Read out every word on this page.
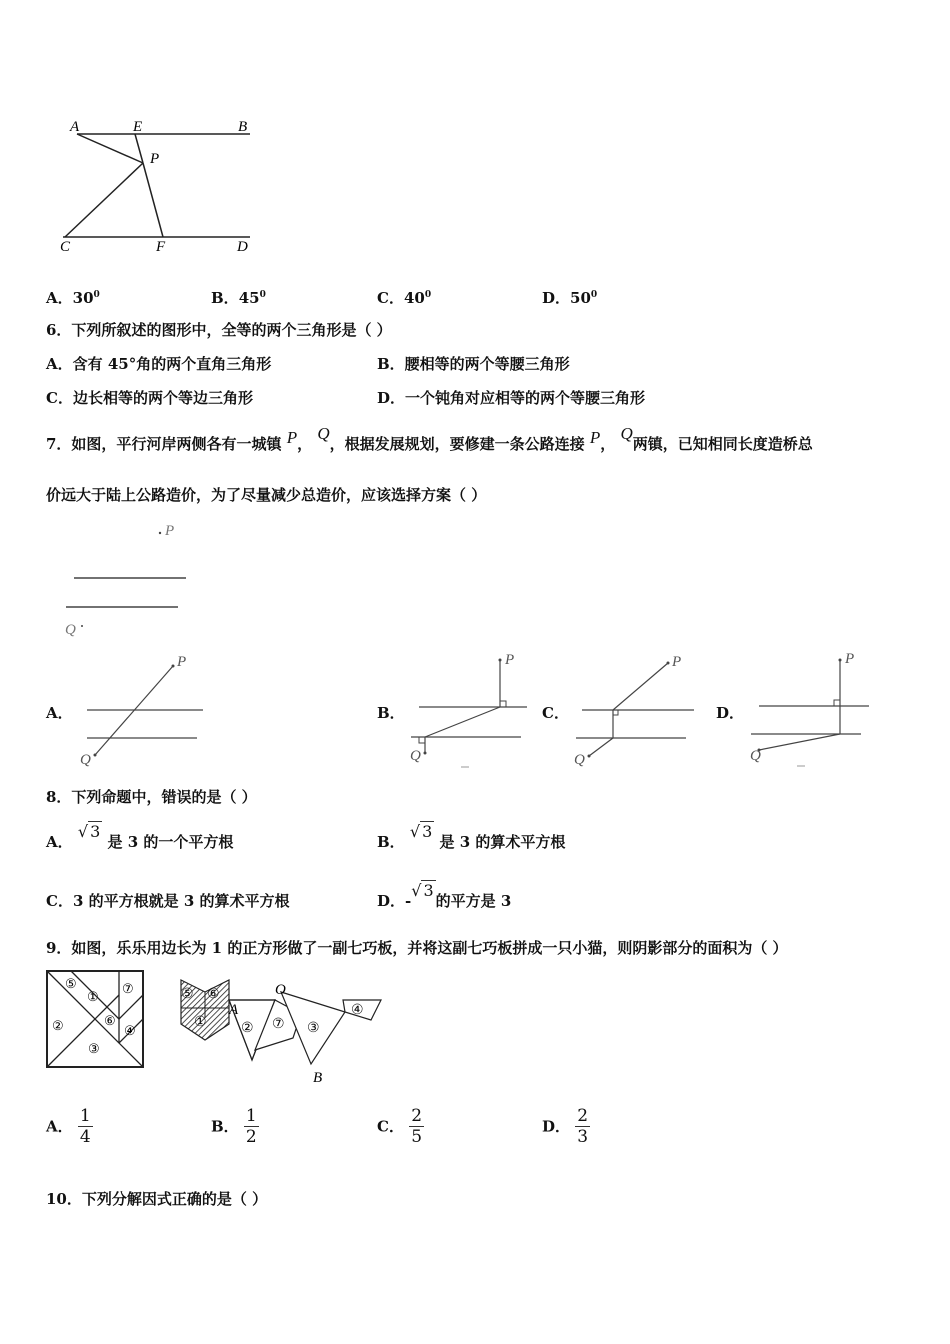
A	E	B
P
C	F	D
A．$30^0$	B．$45^0$	C．$40^0$	D．$50^0$
6．下列所叙述的图形中，全等的两个三角形是（ ）
A．含有 45°角的两个直角三角形	B．腰相等的两个等腰三角形
C．边长相等的两个等边三角形	D．一个钝角对应相等的两个等腰三角形
7．如图，平行河岸两侧各有一城镇 P， Q，根据发展规划，要修建一条公路连接 P， Q两镇，已知相同长度造桥总
价远大于陆上公路造价，为了尽量减少总造价，应该选择方案（ ）
P
Q
A．
P
Q
B．
P
Q
C．
P
Q
D．
P
Q
8．下列命题中，错误的是（ ）
A． √ 3 是 3 的一个平方根	B． √ 3 是 3 的算术平方根
C．3 的平方根就是 3 的算术平方根	D．-√ 3的平方是 3
9．如图，乐乐用边长为 1 的正方形做了一副七巧板，并将这副七巧板拼成一只小猫，则阴影部分的面积为（ ）
⑤
①
⑦
②	⑥
④
③
⑤ ⑥
①
A
O
② ⑦ ③
④
B
A． $\frac{1}{4}$	B． $\frac{1}{2}$	C． $\frac{2}{5}$	D． $\frac{2}{3}$
10．下列分解因式正确的是（ ）
